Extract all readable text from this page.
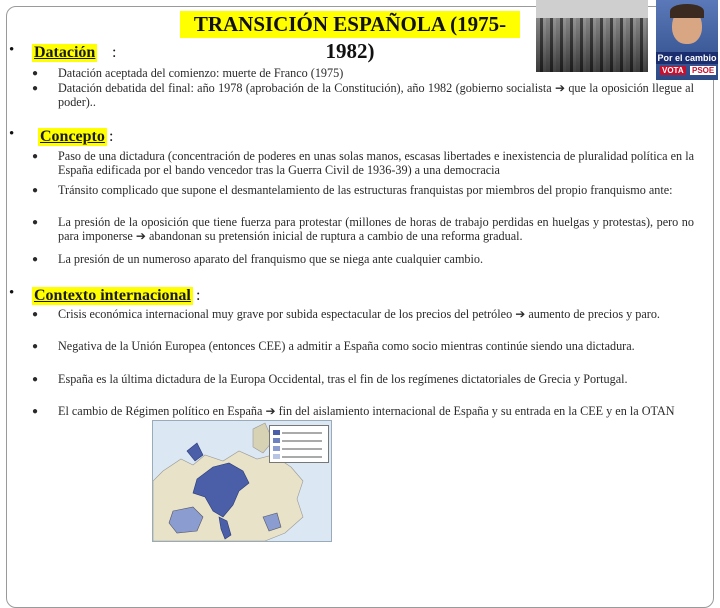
TRANSICIÓN ESPAÑOLA (1975-1982)	Por el cambio
VOTA PSOE
• Datación :
●	Datación aceptada del comienzo: muerte de Franco (1975)
●	Datación debatida del final: año 1978 (aprobación de la Constitución), año 1982 (gobierno socialista ➔ que la oposición llegue al poder)..
• Concepto :
●	Paso de una dictadura (concentración de poderes en unas solas manos, escasas libertades e inexistencia de pluralidad política en la España edificada por el bando vencedor tras la Guerra Civil de 1936-39) a una democracia
●	Tránsito complicado que supone el desmantelamiento de las estructuras franquistas por miembros del propio franquismo ante:
●	La presión de la oposición que tiene fuerza para protestar (millones de horas de trabajo perdidas en huelgas y protestas), pero no para imponerse ➔ abandonan su pretensión inicial de ruptura a cambio de una reforma gradual.
●	La presión de un numeroso aparato del franquismo que se niega ante cualquier cambio.
• Contexto internacional :
●	Crisis económica internacional muy grave por subida espectacular de los precios del petróleo ➔ aumento de precios y paro.
●	Negativa de la Unión Europea (entonces CEE) a admitir a España como socio mientras continúe siendo una dictadura.
●	España es la última dictadura de la Europa Occidental, tras el fin de los regímenes dictatoriales de Grecia y Portugal.
●	El cambio de Régimen político en España ➔ fin del aislamiento internacional de España y su entrada en la CEE y en la OTAN
